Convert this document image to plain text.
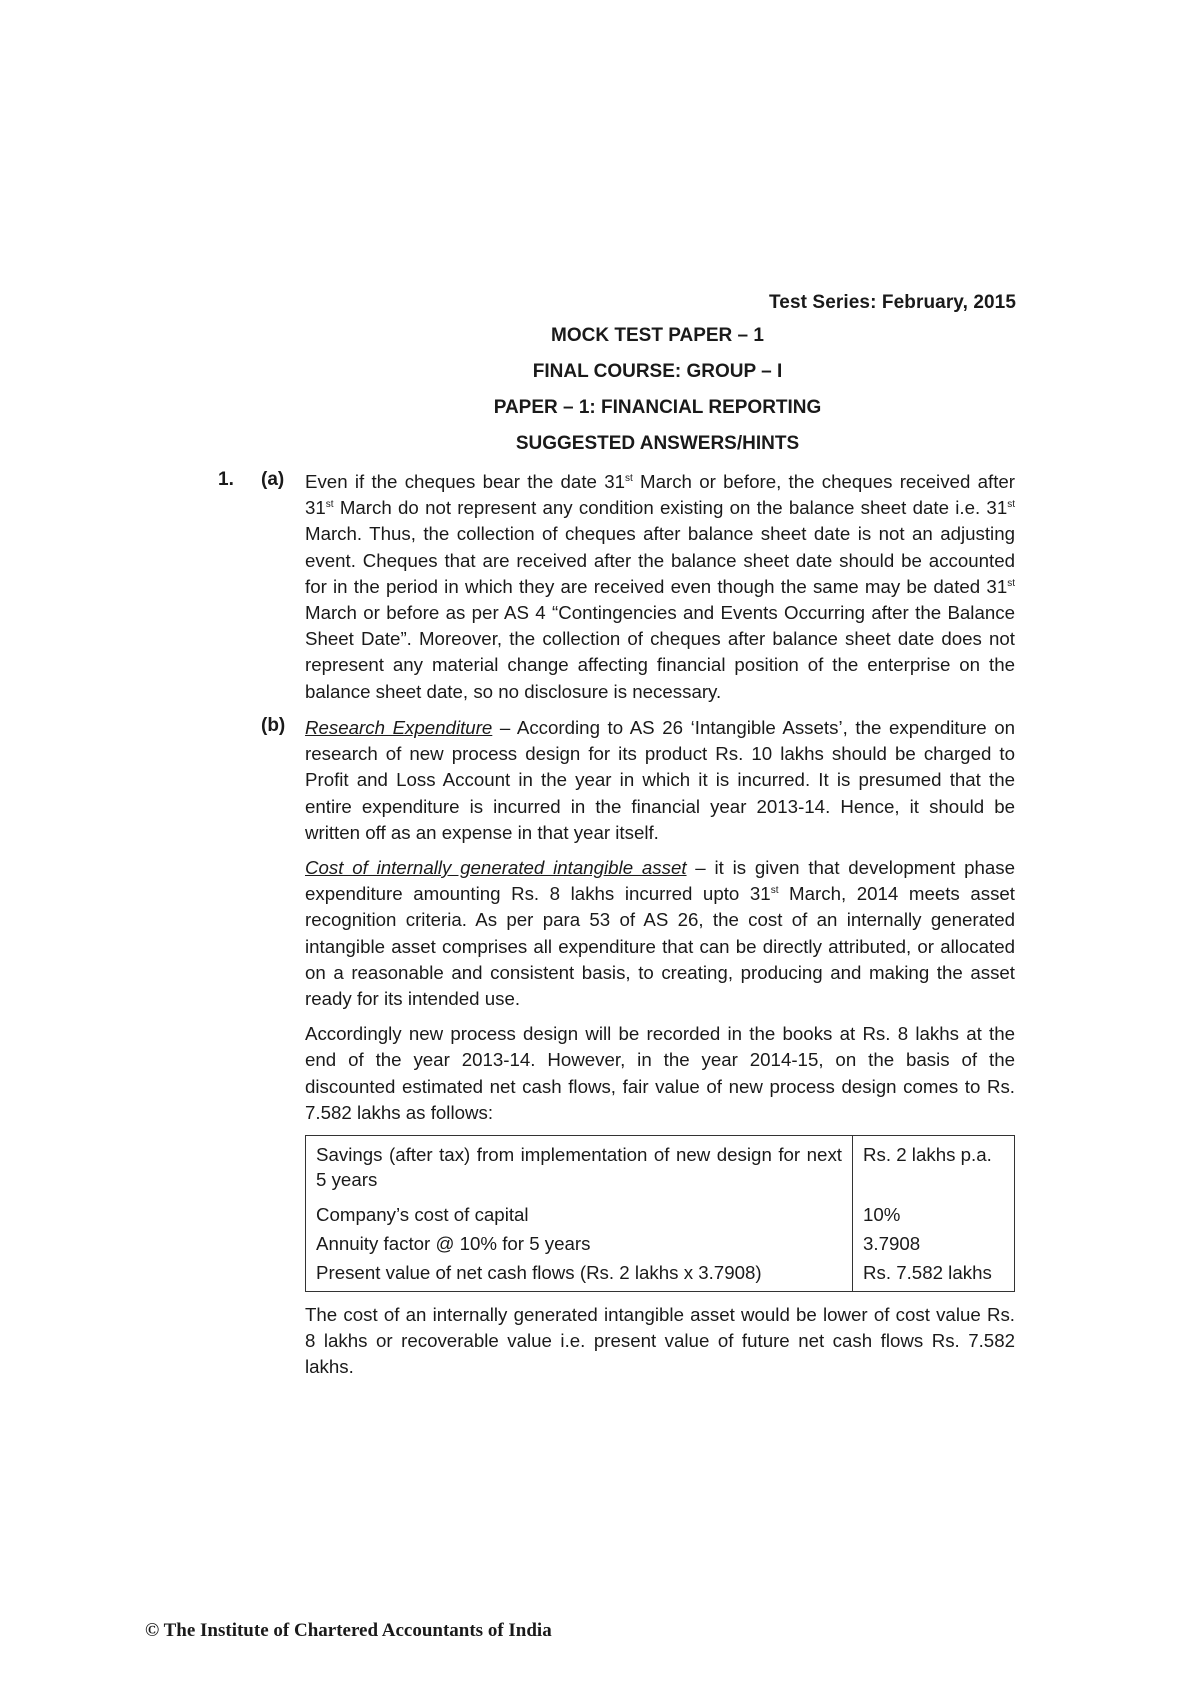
Test Series: February, 2015
MOCK TEST PAPER – 1
FINAL COURSE: GROUP – I
PAPER – 1: FINANCIAL REPORTING
SUGGESTED ANSWERS/HINTS
1. (a) Even if the cheques bear the date 31st March or before, the cheques received after 31st March do not represent any condition existing on the balance sheet date i.e. 31st March. Thus, the collection of cheques after balance sheet date is not an adjusting event. Cheques that are received after the balance sheet date should be accounted for in the period in which they are received even though the same may be dated 31st March or before as per AS 4 “Contingencies and Events Occurring after the Balance Sheet Date”. Moreover, the collection of cheques after balance sheet date does not represent any material change affecting financial position of the enterprise on the balance sheet date, so no disclosure is necessary.

(b) Research Expenditure – According to AS 26 ‘Intangible Assets’, the expenditure on research of new process design for its product Rs. 10 lakhs should be charged to Profit and Loss Account in the year in which it is incurred. It is presumed that the entire expenditure is incurred in the financial year 2013-14. Hence, it should be written off as an expense in that year itself.

Cost of internally generated intangible asset – it is given that development phase expenditure amounting Rs. 8 lakhs incurred upto 31st March, 2014 meets asset recognition criteria. As per para 53 of AS 26, the cost of an internally generated intangible asset comprises all expenditure that can be directly attributed, or allocated on a reasonable and consistent basis, to creating, producing and making the asset ready for its intended use.

Accordingly new process design will be recorded in the books at Rs. 8 lakhs at the end of the year 2013-14. However, in the year 2014-15, on the basis of the discounted estimated net cash flows, fair value of new process design comes to Rs. 7.582 lakhs as follows:

Savings (after tax) from implementation of new design for next 5 years	Rs. 2 lakhs p.a.
Company’s cost of capital	10%
Annuity factor @ 10% for 5 years	3.7908
Present value of net cash flows (Rs. 2 lakhs x 3.7908)	Rs. 7.582 lakhs

The cost of an internally generated intangible asset would be lower of cost value Rs. 8 lakhs or recoverable value i.e. present value of future net cash flows Rs. 7.582 lakhs.

© The Institute of Chartered Accountants of India
